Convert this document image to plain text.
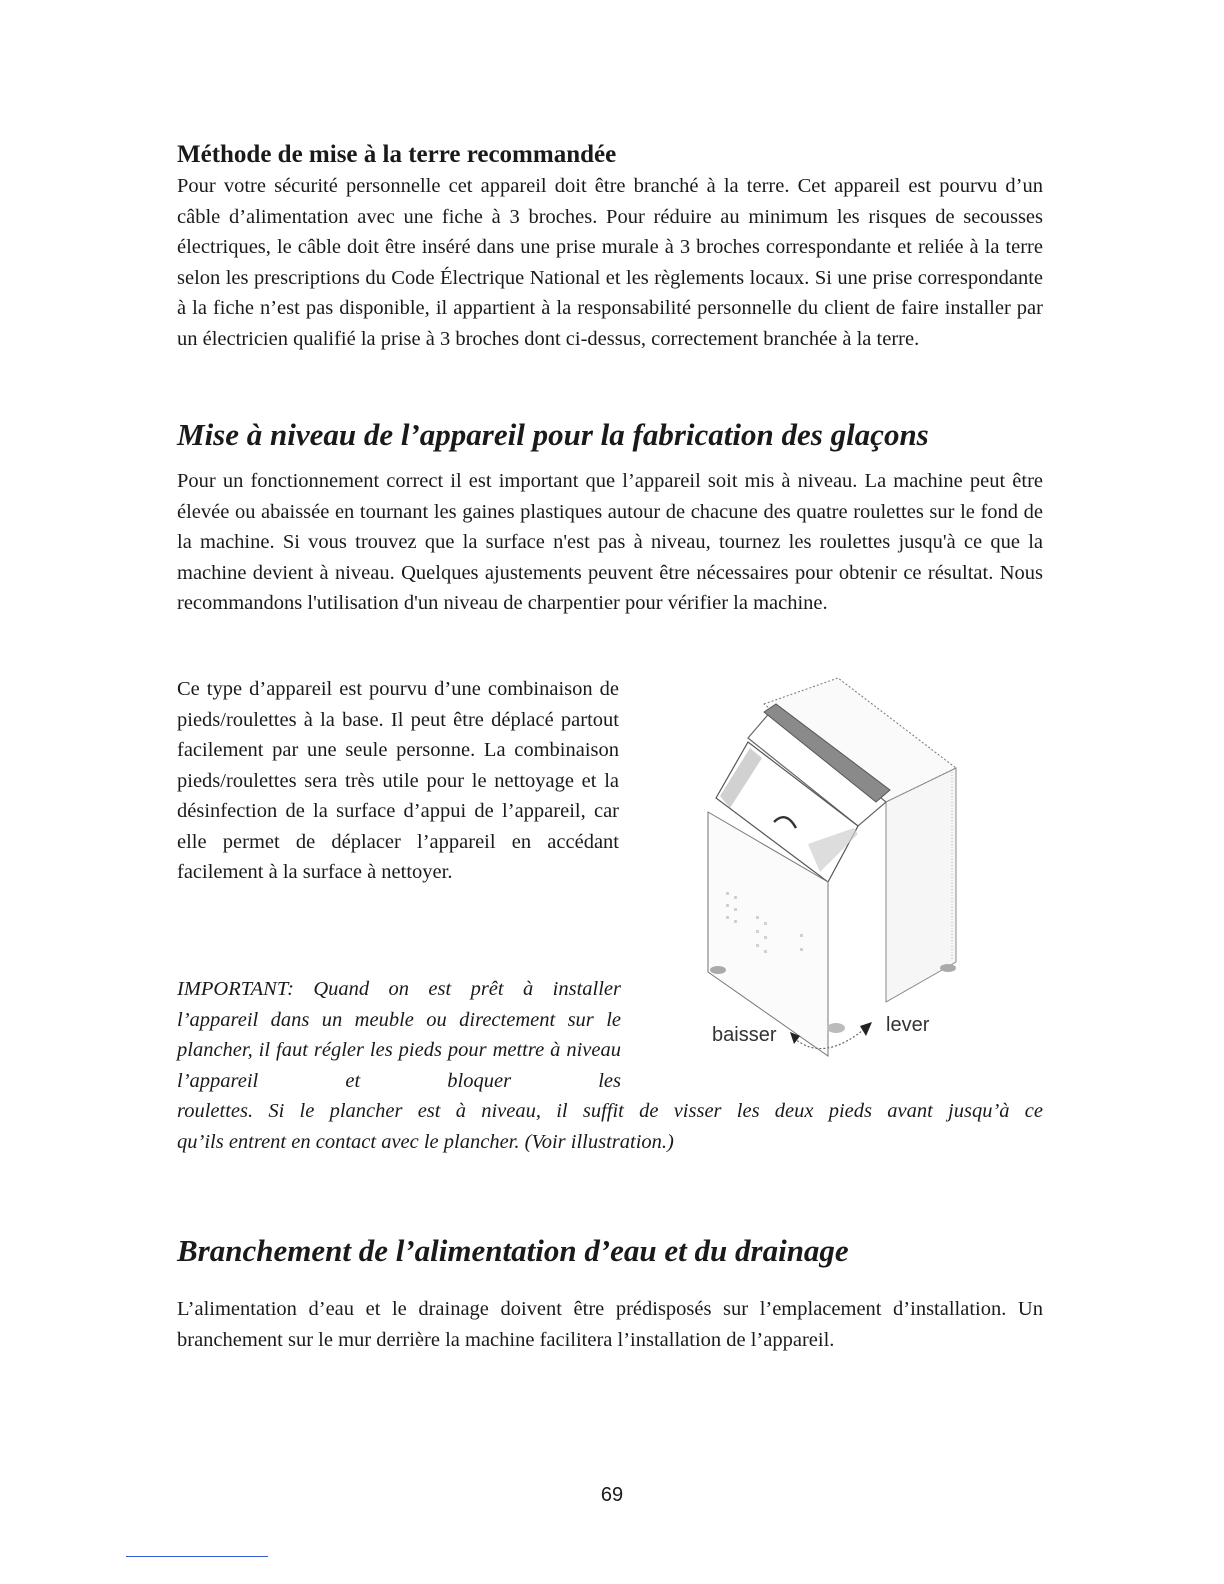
Méthode de mise à la terre recommandée

Pour votre sécurité personnelle cet appareil doit être branché à la terre. Cet appareil est pourvu d’un câble d’alimentation avec une fiche à 3 broches. Pour réduire au minimum les risques de secousses électriques, le câble doit être inséré dans une prise murale à 3 broches correspondante et reliée à la terre selon les prescriptions du Code Électrique National et les règlements locaux. Si une prise correspondante à la fiche n’est pas disponible, il appartient à la responsabilité personnelle du client de faire installer par un électricien qualifié la prise à 3 broches dont ci-dessus, correctement branchée à la terre.

Mise à niveau de l’appareil pour la fabrication des glaçons

Pour un fonctionnement correct il est important que l’appareil soit mis à niveau. La machine peut être élevée ou abaissée en tournant les gaines plastiques autour de chacune des quatre roulettes sur le fond de la machine. Si vous trouvez que la surface n'est pas à niveau, tournez les roulettes jusqu'à ce que la machine devient à niveau. Quelques ajustements peuvent être nécessaires pour obtenir ce résultat. Nous recommandons l'utilisation d'un niveau de charpentier pour vérifier la machine.

Ce type d’appareil est pourvu d’une combinaison de pieds/roulettes à la base. Il peut être déplacé partout facilement par une seule personne. La combinaison pieds/roulettes sera très utile pour le nettoyage et la désinfection de la surface d’appui de l’appareil, car elle permet de déplacer l’appareil en accédant facilement à la surface à nettoyer.

IMPORTANT: Quand on est prêt à installer l’appareil dans un meuble ou directement sur le plancher, il faut régler les pieds pour mettre à niveau l’appareil et bloquer les

roulettes. Si le plancher est à niveau, il suffit de visser les deux pieds avant jusqu’à ce
qu’ils entrent en contact avec le plancher. (Voir illustration.)

baisser	lever
Branchement de l’alimentation d’eau et du drainage

L’alimentation d’eau et le drainage doivent être prédisposés sur l’emplacement d’installation. Un branchement sur le mur derrière la machine facilitera l’installation de l’appareil.

69
